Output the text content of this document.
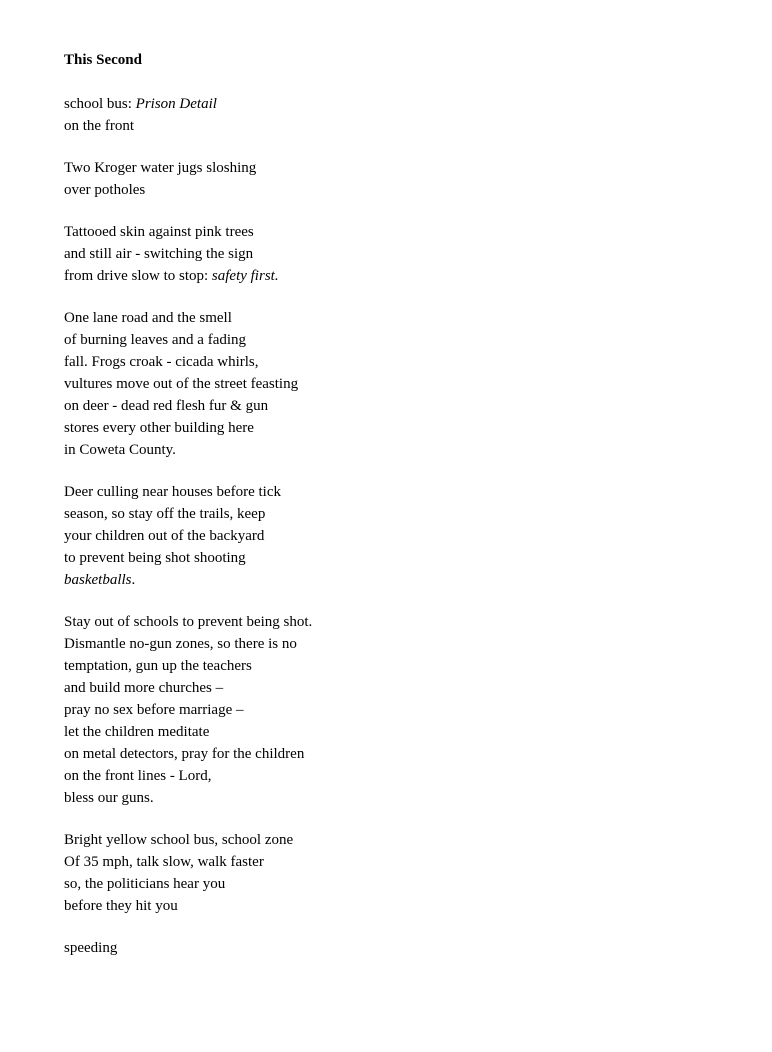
This Second
school bus: Prison Detail
on the front
Two Kroger water jugs sloshing
over potholes
Tattooed skin against pink trees
and still air - switching the sign
from drive slow to stop: safety first.
One lane road and the smell
of burning leaves and a fading
fall. Frogs croak - cicada whirls,
vultures move out of the street feasting
on deer - dead red flesh fur & gun
stores every other building here
in Coweta County.
Deer culling near houses before tick
season, so stay off the trails, keep
your children out of the backyard
to prevent being shot shooting
basketballs.
Stay out of schools to prevent being shot.
Dismantle no-gun zones, so there is no
temptation, gun up the teachers
and build more churches –
pray no sex before marriage –
let the children meditate
on metal detectors, pray for the children
on the front lines - Lord,
bless our guns.
Bright yellow school bus, school zone
Of 35 mph, talk slow, walk faster
so, the politicians hear you
before they hit you
speeding
